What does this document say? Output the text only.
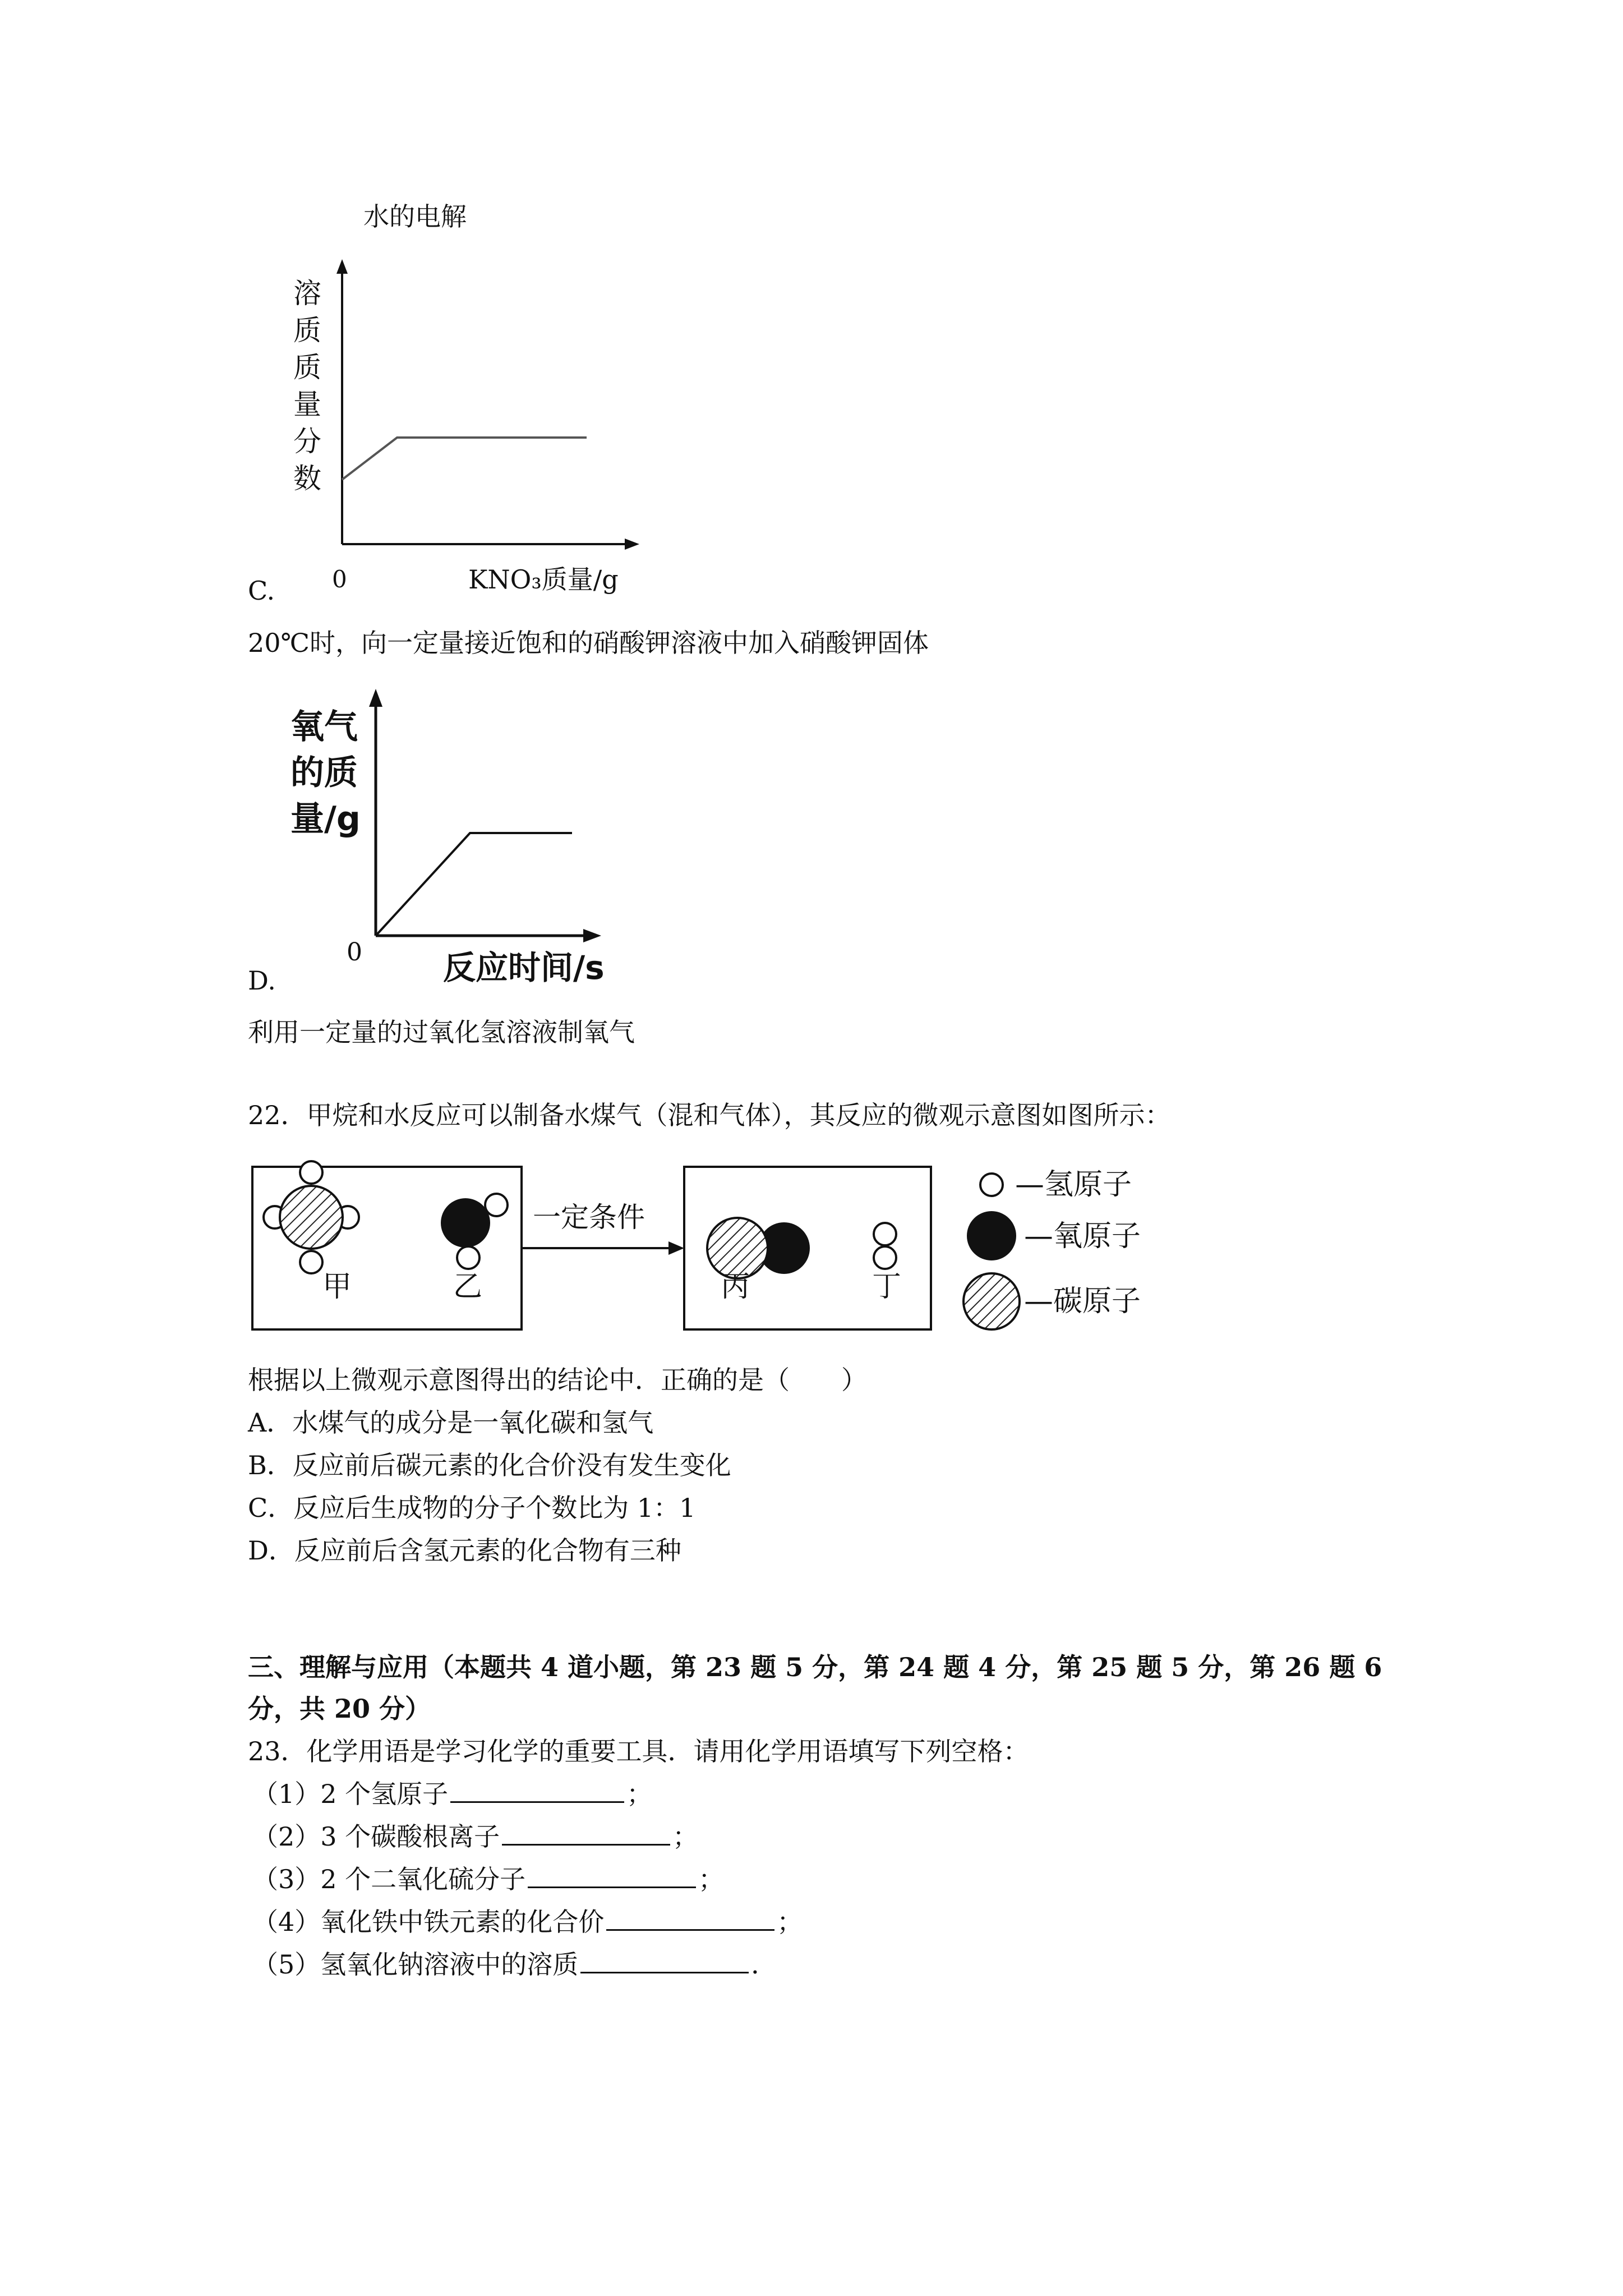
水的电解
溶
质
质
量
分
数
0	KNO₃质量/g
C.
20℃时，向一定量接近饱和的硝酸钾溶液中加入硝酸钾固体
氧气
的质
量/g
0 反应时间/s
D.
利用一定量的过氧化氢溶液制氧气
22．甲烷和水反应可以制备水煤气（混和气体），其反应的微观示意图如图所示：
甲	乙
一定条件
丙	丁
—氢原子
—氧原子
—碳原子
根据以上微观示意图得出的结论中．正确的是（　　）
A．水煤气的成分是一氧化碳和氢气
B．反应前后碳元素的化合价没有发生变化
C．反应后生成物的分子个数比为 1：1
D．反应前后含氢元素的化合物有三种
三、理解与应用（本题共 4 道小题，第 23 题 5 分，第 24 题 4 分，第 25 题 5 分，第 26 题 6
分，共 20 分）
23．化学用语是学习化学的重要工具．请用化学用语填写下列空格：
（1）2 个氢原子	；
（2）3 个碳酸根离子	；
（3）2 个二氧化硫分子	；
（4）氧化铁中铁元素的化合价	；
（5）氢氧化钠溶液中的溶质	．
